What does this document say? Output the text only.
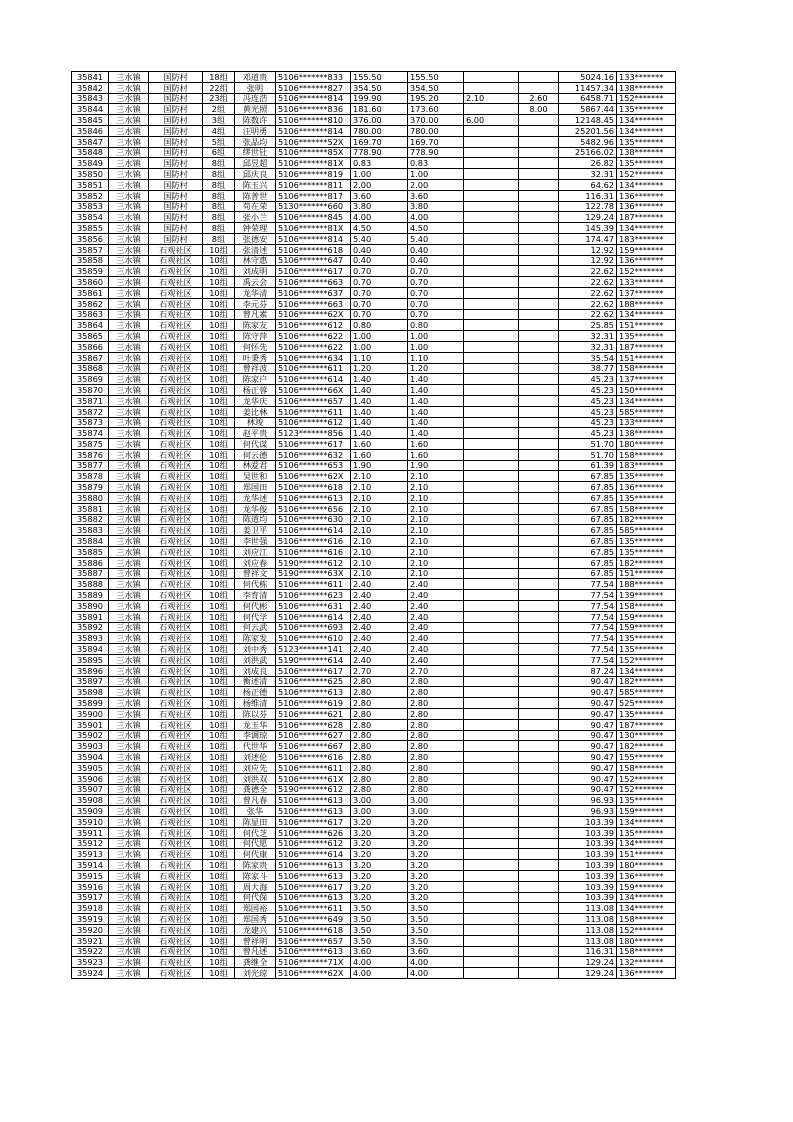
35841	三水镇	国防村	18组	邓道贵	5106*******833	155.50	155.50			5024.16	133*******
35842	三水镇	国防村	22组	张明	5106*******827	354.50	354.50			11457.34	138*******
35843	三水镇	国防村	23组	冯连浩	5106*******814	199.90	195.20	2.10	2.60	6458.71	152*******
35844	三水镇	国防村	2组	黄光照	5106*******836	181.60	173.60		8.00	5867.44	135*******
35845	三水镇	国防村	3组	陈数许	5106*******810	376.00	370.00	6.00		12148.45	134*******
35846	三水镇	国防村	4组	汪明勇	5106*******814	780.00	780.00			25201.56	134*******
35847	三水镇	国防村	5组	张品均	5106*******52X	169.70	169.70			5482.96	135*******
35848	三水镇	国防村	6组	缪世钍	5106*******85X	778.90	778.90			25166.02	138*******
35849	三水镇	国防村	8组	邱昱超	5106*******81X	0.83	0.83			26.82	135*******
35850	三水镇	国防村	8组	邱庆良	5106*******819	1.00	1.00			32.31	152*******
35851	三水镇	国防村	8组	陈玉兴	5106*******811	2.00	2.00			64.62	134*******
35852	三水镇	国防村	8组	陈普世	5106*******817	3.60	3.60			116.31	136*******
35853	三水镇	国防村	8组	苟在荣	5130*******660	3.80	3.80			122.78	136*******
35854	三水镇	国防村	8组	张小兰	5106*******845	4.00	4.00			129.24	187*******
35855	三水镇	国防村	8组	钟荣理	5106*******81X	4.50	4.50			145.39	134*******
35856	三水镇	国防村	8组	张德安	5106*******814	5.40	5.40			174.47	183*******
35857	三水镇	石观社区	10组	张清述	5106*******618	0.40	0.40			12.92	159*******
35858	三水镇	石观社区	10组	林守惠	5106*******647	0.40	0.40			12.92	136*******
35859	三水镇	石观社区	10组	刘成明	5106*******617	0.70	0.70			22.62	152*******
35860	三水镇	石观社区	10组	禹云会	5106*******663	0.70	0.70			22.62	133*******
35861	三水镇	石观社区	10组	龙华清	5106*******637	0.70	0.70			22.62	137*******
35862	三水镇	石观社区	10组	李元芬	5106*******663	0.70	0.70			22.62	188*******
35863	三水镇	石观社区	10组	曾凡素	5106*******62X	0.70	0.70			22.62	134*******
35864	三水镇	石观社区	10组	陈家友	5106*******612	0.80	0.80			25.85	151*******
35865	三水镇	石观社区	10组	陈守萍	5106*******622	1.00	1.00			32.31	135*******
35866	三水镇	石观社区	10组	何怀先	5106*******622	1.00	1.00			32.31	187*******
35867	三水镇	石观社区	10组	叶秉秀	5106*******634	1.10	1.10			35.54	151*******
35868	三水镇	石观社区	10组	曾祥波	5106*******611	1.20	1.20			38.77	158*******
35869	三水镇	石观社区	10组	陈家户	5106*******614	1.40	1.40			45.23	137*******
35870	三水镇	石观社区	10组	杨正蓉	5106*******66X	1.40	1.40			45.23	150*******
35871	三水镇	石观社区	10组	龙华庆	5106*******657	1.40	1.40			45.23	134*******
35872	三水镇	石观社区	10组	姜比林	5106*******611	1.40	1.40			45.23	585*******
35873	三水镇	石观社区	10组	林竣	5106*******612	1.40	1.40			45.23	133*******
35874	三水镇	石观社区	10组	赵平贵	5123*******856	1.40	1.40			45.23	138*******
35875	三水镇	石观社区	10组	何代谋	5106*******617	1.60	1.60			51.70	180*******
35876	三水镇	石观社区	10组	何云德	5106*******632	1.60	1.60			51.70	158*******
35877	三水镇	石观社区	10组	林爱君	5106*******653	1.90	1.90			61.39	183*******
35878	三水镇	石观社区	10组	吴世和	5106*******62X	2.10	2.10			67.85	135*******
35879	三水镇	石观社区	10组	郑国田	5106*******618	2.10	2.10			67.85	136*******
35880	三水镇	石观社区	10组	龙华述	5106*******613	2.10	2.10			67.85	135*******
35881	三水镇	石观社区	10组	龙华俊	5106*******656	2.10	2.10			67.85	158*******
35882	三水镇	石观社区	10组	陈道均	5106*******630	2.10	2.10			67.85	182*******
35883	三水镇	石观社区	10组	姜卫平	5106*******614	2.10	2.10			67.85	585*******
35884	三水镇	石观社区	10组	李世强	5106*******616	2.10	2.10			67.85	135*******
35885	三水镇	石观社区	10组	刘应江	5106*******616	2.10	2.10			67.85	135*******
35886	三水镇	石观社区	10组	刘应春	5190*******612	2.10	2.10			67.85	182*******
35887	三水镇	石观社区	10组	曾祥文	5190*******63X	2.10	2.10			67.85	151*******
35888	三水镇	石观社区	10组	何代栋	5106*******611	2.40	2.40			77.54	188*******
35889	三水镇	石观社区	10组	李育清	5106*******623	2.40	2.40			77.54	139*******
35890	三水镇	石观社区	10组	何代彬	5106*******631	2.40	2.40			77.54	158*******
35891	三水镇	石观社区	10组	何代学	5106*******614	2.40	2.40			77.54	159*******
35892	三水镇	石观社区	10组	何云武	5106*******693	2.40	2.40			77.54	159*******
35893	三水镇	石观社区	10组	陈家发	5106*******610	2.40	2.40			77.54	135*******
35894	三水镇	石观社区	10组	刘中秀	5123*******141	2.40	2.40			77.54	135*******
35895	三水镇	石观社区	10组	刘洪武	5190*******614	2.40	2.40			77.54	152*******
35896	三水镇	石观社区	10组	刘成良	5106*******617	2.70	2.70			87.24	134*******
35897	三水镇	石观社区	10组	衡述清	5106*******625	2.80	2.80			90.47	182*******
35898	三水镇	石观社区	10组	杨正德	5106*******613	2.80	2.80			90.47	585*******
35899	三水镇	石观社区	10组	杨维清	5106*******619	2.80	2.80			90.47	525*******
35900	三水镇	石观社区	10组	陈以芬	5106*******621	2.80	2.80			90.47	135*******
35901	三水镇	石观社区	10组	龙玉华	5106*******628	2.80	2.80			90.47	187*******
35902	三水镇	石观社区	10组	李调琼	5106*******627	2.80	2.80			90.47	130*******
35903	三水镇	石观社区	10组	代世华	5106*******667	2.80	2.80			90.47	182*******
35904	三水镇	石观社区	10组	刘述伦	5106*******616	2.80	2.80			90.47	155*******
35905	三水镇	石观社区	10组	刘应先	5106*******611	2.80	2.80			90.47	158*******
35906	三水镇	石观社区	10组	刘洪双	5106*******61X	2.80	2.80			90.47	152*******
35907	三水镇	石观社区	10组	龚德全	5190*******612	2.80	2.80			90.47	152*******
35908	三水镇	石观社区	10组	曾凡春	5106*******613	3.00	3.00			96.93	135*******
35909	三水镇	石观社区	10组	张华	5106*******613	3.00	3.00			96.93	159*******
35910	三水镇	石观社区	10组	陈显田	5106*******617	3.20	3.20			103.39	134*******
35911	三水镇	石观社区	10组	何代芝	5106*******626	3.20	3.20			103.39	135*******
35912	三水镇	石观社区	10组	何代愿	5106*******612	3.20	3.20			103.39	134*******
35913	三水镇	石观社区	10组	何代康	5106*******614	3.20	3.20			103.39	151*******
35914	三水镇	石观社区	10组	陈家贵	5106*******613	3.20	3.20			103.39	180*******
35915	三水镇	石观社区	10组	陈家斗	5106*******613	3.20	3.20			103.39	136*******
35916	三水镇	石观社区	10组	周大海	5106*******617	3.20	3.20			103.39	159*******
35917	三水镇	石观社区	10组	何代保	5106*******613	3.20	3.20			103.39	134*******
35918	三水镇	石观社区	10组	郑国裕	5106*******611	3.50	3.50			113.08	134*******
35919	三水镇	石观社区	10组	郑国秀	5106*******649	3.50	3.50			113.08	158*******
35920	三水镇	石观社区	10组	龙建兴	5106*******618	3.50	3.50			113.08	152*******
35921	三水镇	石观社区	10组	曾祥明	5106*******657	3.50	3.50			113.08	180*******
35922	三水镇	石观社区	10组	曾凡述	5106*******613	3.60	3.60			116.31	158*******
35923	三水镇	石观社区	10组	龚继全	5106*******71X	4.00	4.00			129.24	132*******
35924	三水镇	石观社区	10组	刘光琼	5106*******62X	4.00	4.00			129.24	136*******
